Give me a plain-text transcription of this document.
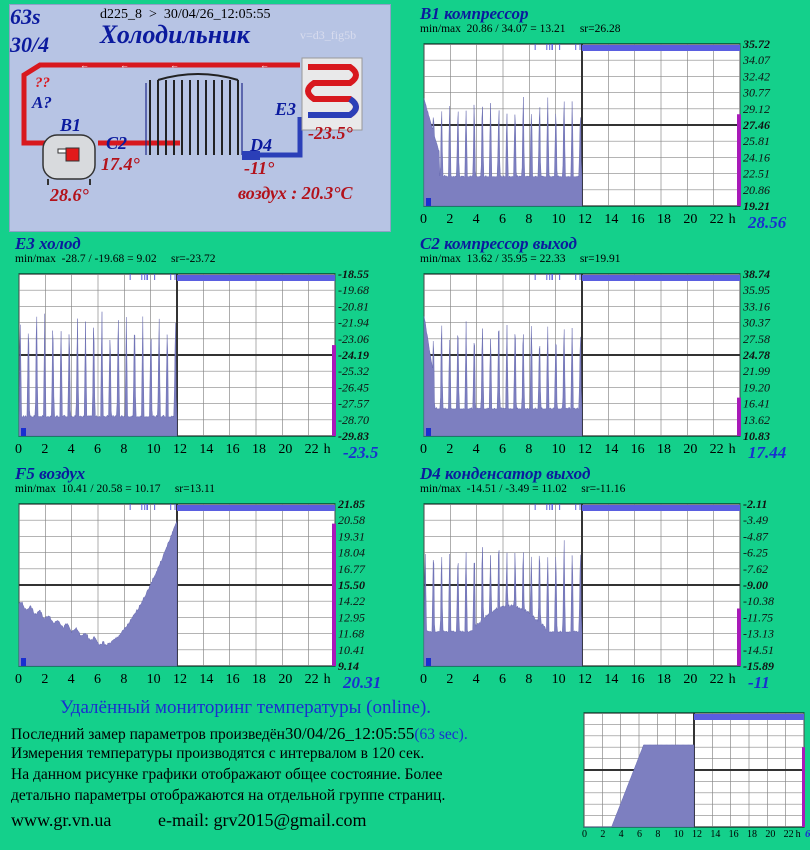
←	←	←	←
??
A?
B1
28.6°
C2
17.4°
E3
-23.5°
D4
-11°
воздух : 20.3°C
63s
30/4
d225_8  >  30/04/26_12:05:55
Холодильник	v=d3_fig5b
B1 компрессор
min/max  20.86 / 34.07 = 13.21     sr=26.28
35.72
34.07
32.42
30.77
29.12
27.46
25.81
24.16
22.51
20.86
19.21
0 2 4 6 8 10 12 14 16 18 20 22 h 28.56
E3 холод
min/max  -28.7 / -19.68 = 9.02     sr=-23.72
-18.55
-19.68
-20.81
-21.94
-23.06
-24.19
-25.32
-26.45
-27.57
-28.70
-29.83
0 2 4 6 8 10 12 14 16 18 20 22 h -23.5
C2 компрессор выход
min/max  13.62 / 35.95 = 22.33     sr=19.91
38.74
35.95
33.16
30.37
27.58
24.78
21.99
19.20
16.41
13.62
10.83
0 2 4 6 8 10 12 14 16 18 20 22 h 17.44
F5 воздух
min/max  10.41 / 20.58 = 10.17     sr=13.11
21.85
20.58
19.31
18.04
16.77
15.50
14.22
12.95
11.68
10.41
9.14
0 2 4 6 8 10 12 14 16 18 20 22 h 20.31
D4 конденсатор выход
min/max  -14.51 / -3.49 = 11.02     sr=-11.16
-2.11
-3.49
-4.87
-6.25
-7.62
-9.00
-10.38
-11.75
-13.13
-14.51
-15.89
0 2 4 6 8 10 12 14 16 18 20 22 h -11
0 2 4 6 8 10 12 14 16 18 20 22 h 6
Удалённый мониторинг температуры (online).
Последний замер параметров произведён30/04/26_12:05:55(63 sec).
Измерения температуры производятся с интервалом в 120 сек.
На данном рисунке графики отображают общее состояние. Более
детально параметры отображаются на отдельной группе страниц.
www.gr.vn.ua	e-mail: grv2015@gmail.com
